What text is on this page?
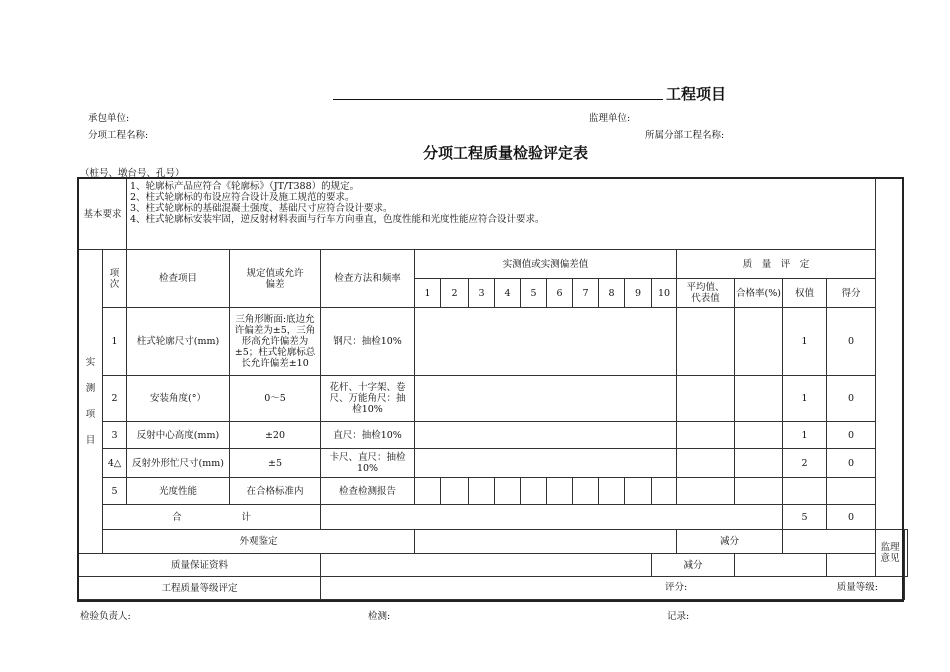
工程项目
承包单位:	监理单位:
分项工程名称:	所属分部工程名称:
分项工程质量检验评定表
（桩号、墩台号、孔号）
基本要求		1、轮廓标产品应符合《轮廓标》（JT/T388）的规定。
2、柱式轮廓标的布设应符合设计及施工规范的要求。
3、柱式轮廓标的基础混凝土强度、基础尺寸应符合设计要求。
4、柱式轮廓标安装牢固，逆反射材料表面与行车方向垂直，色度性能和光度性能应符合设计要求。																		

实测项目	项次	检查项目	规定值或允许偏差	检查方法和频率	实测值或实测偏差值										质　量　评　定					
					1	2	3	4	5	6	7	8	9	10	平均值、代表值	合格率(%)	权值	得分		
	1	柱式轮廓尺寸(mm)	三角形断面:底边允许偏差为±5，三角形高允许偏差为±5；柱式轮廓标总长允许偏差±10	钢尺：抽检10%													1	0		
	2	安装角度(°）	0～5	花杆、十字架、卷尺、万能角尺：抽检10%													1	0		
	3	反射中心高度(mm)	±20	直尺：抽检10%													1	0		
	4△	反射外形忙尺寸(mm)	±5	卡尺、直尺：抽检10%													2	0		
	5	光度性能	在合格标准内	检查检测报告																
	合 计																5	0		
	外观鉴定														减分				监理意见	

质量保证资料														减分						
工程质量等级评定				评分: 质量等级:																
检验负责人:	检测:	记录:
